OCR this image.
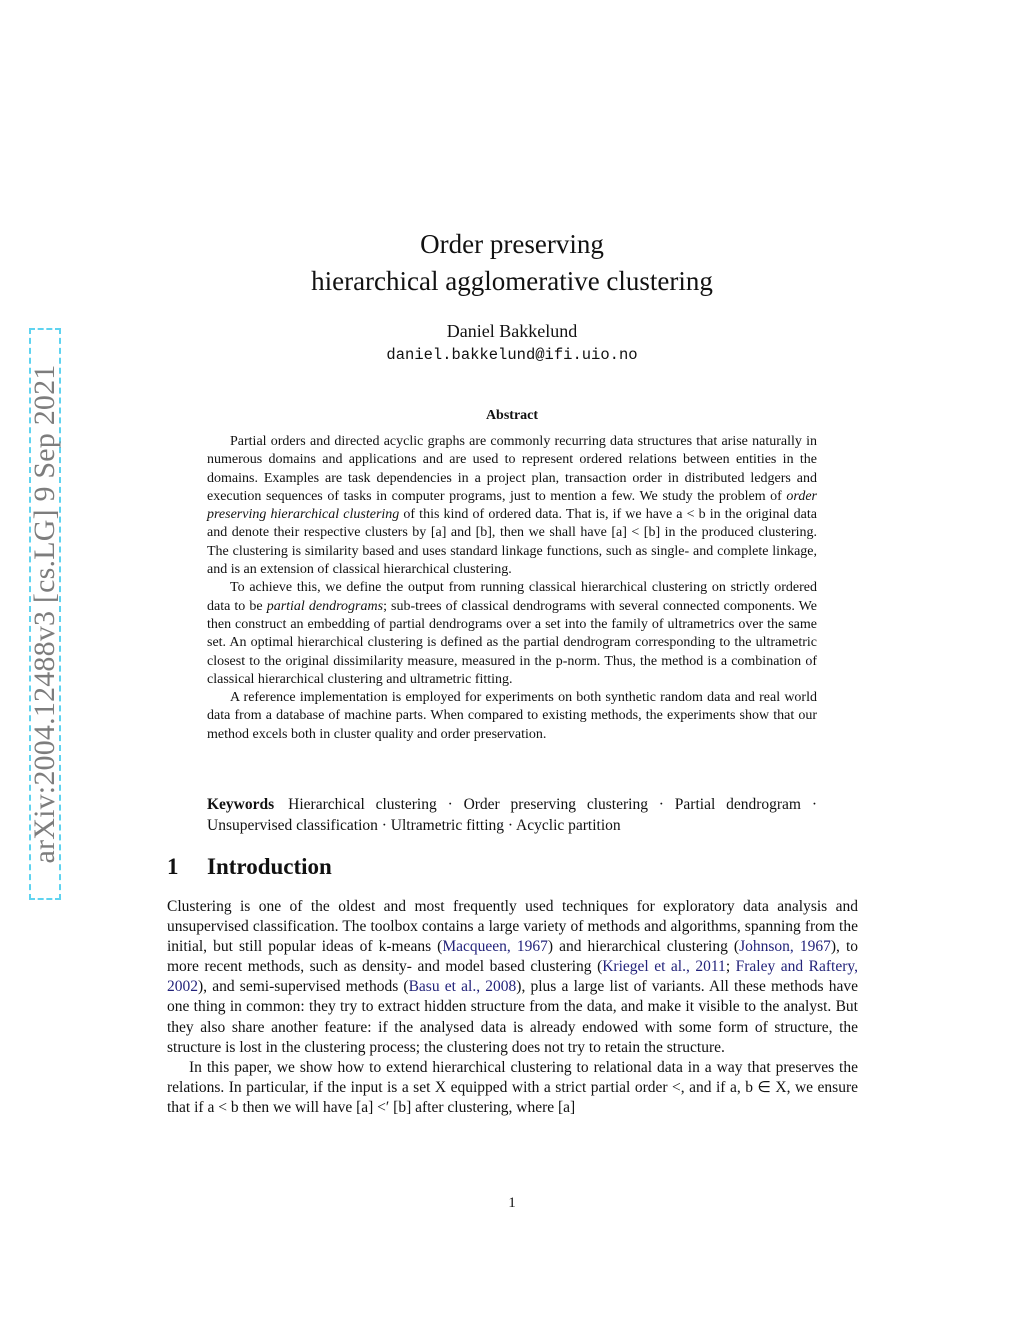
arXiv:2004.12488v3 [cs.LG] 9 Sep 2021
Order preserving
hierarchical agglomerative clustering
Daniel Bakkelund
daniel.bakkelund@ifi.uio.no
Abstract

Partial orders and directed acyclic graphs are commonly recurring data structures that arise naturally in numerous domains and applications and are used to represent ordered relations between entities in the domains. Examples are task dependencies in a project plan, transaction order in distributed ledgers and execution sequences of tasks in computer programs, just to mention a few. We study the problem of order preserving hierarchical clustering of this kind of ordered data. That is, if we have a < b in the original data and denote their respective clusters by [a] and [b], then we shall have [a] < [b] in the produced clustering. The clustering is similarity based and uses standard linkage functions, such as single- and complete linkage, and is an extension of classical hierarchical clustering.

To achieve this, we define the output from running classical hierarchical clustering on strictly ordered data to be partial dendrograms; sub-trees of classical dendrograms with several connected components. We then construct an embedding of partial dendrograms over a set into the family of ultrametrics over the same set. An optimal hierarchical clustering is defined as the partial dendrogram corresponding to the ultrametric closest to the original dissimilarity measure, measured in the p-norm. Thus, the method is a combination of classical hierarchical clustering and ultrametric fitting.

A reference implementation is employed for experiments on both synthetic random data and real world data from a database of machine parts. When compared to existing methods, the experiments show that our method excels both in cluster quality and order preservation.

Keywords Hierarchical clustering · Order preserving clustering · Partial dendrogram · Unsupervised classification · Ultrametric fitting · Acyclic partition
1 Introduction

Clustering is one of the oldest and most frequently used techniques for exploratory data analysis and unsupervised classification. The toolbox contains a large variety of methods and algorithms, spanning from the initial, but still popular ideas of k-means (Macqueen, 1967) and hierarchical clustering (Johnson, 1967), to more recent methods, such as density- and model based clustering (Kriegel et al., 2011; Fraley and Raftery, 2002), and semi-supervised methods (Basu et al., 2008), plus a large list of variants. All these methods have one thing in common: they try to extract hidden structure from the data, and make it visible to the analyst. But they also share another feature: if the analysed data is already endowed with some form of structure, the structure is lost in the clustering process; the clustering does not try to retain the structure.

In this paper, we show how to extend hierarchical clustering to relational data in a way that preserves the relations. In particular, if the input is a set X equipped with a strict partial order <, and if a, b ∈ X, we ensure that if a < b then we will have [a] <′ [b] after clustering, where [a]

1
